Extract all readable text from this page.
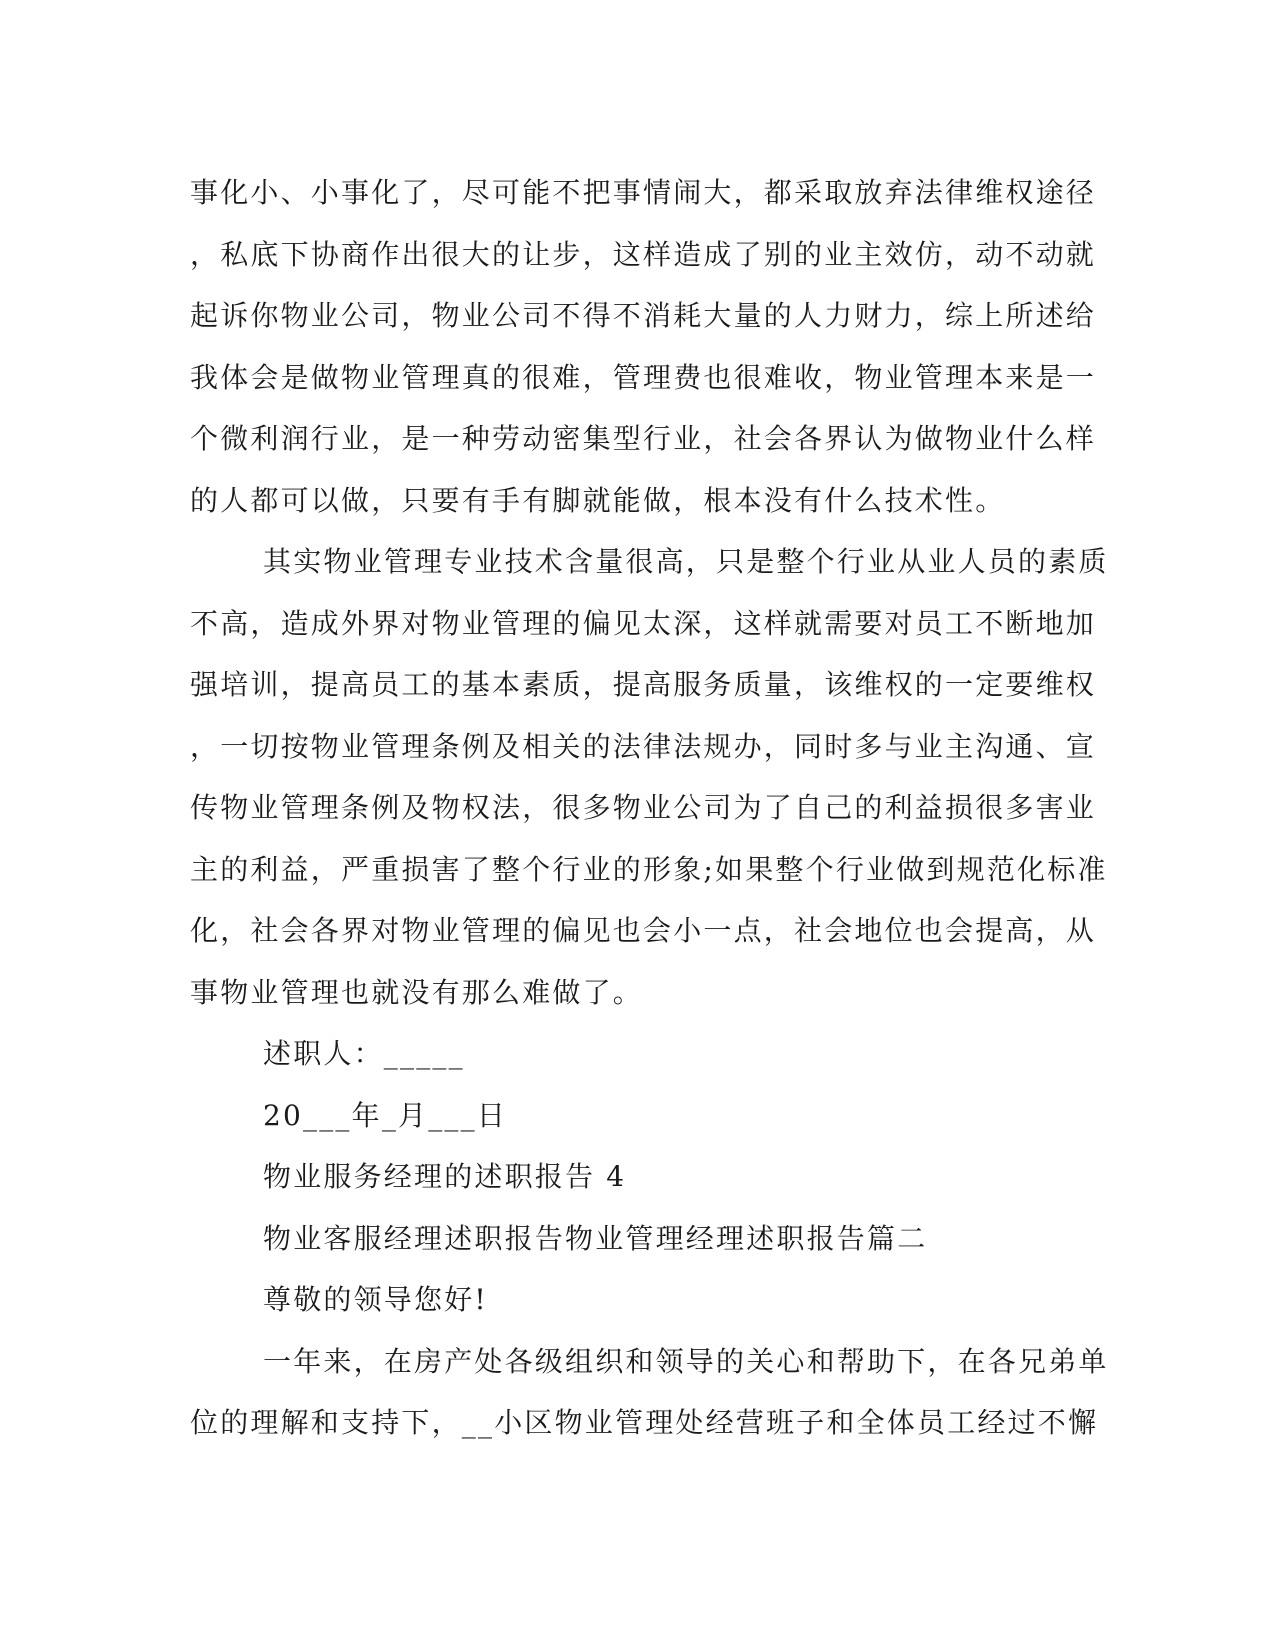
事化小、小事化了，尽可能不把事情闹大，都采取放弃法律维权途径
，私底下协商作出很大的让步，这样造成了别的业主效仿，动不动就
起诉你物业公司，物业公司不得不消耗大量的人力财力，综上所述给
我体会是做物业管理真的很难，管理费也很难收，物业管理本来是一
个微利润行业，是一种劳动密集型行业，社会各界认为做物业什么样
的人都可以做，只要有手有脚就能做，根本没有什么技术性。
其实物业管理专业技术含量很高，只是整个行业从业人员的素质
不高，造成外界对物业管理的偏见太深，这样就需要对员工不断地加
强培训，提高员工的基本素质，提高服务质量，该维权的一定要维权
，一切按物业管理条例及相关的法律法规办，同时多与业主沟通、宣
传物业管理条例及物权法，很多物业公司为了自己的利益损很多害业
主的利益，严重损害了整个行业的形象;如果整个行业做到规范化标准
化，社会各界对物业管理的偏见也会小一点，社会地位也会提高，从
事物业管理也就没有那么难做了。
述职人：_____
20___年_月___日
物业服务经理的述职报告 4
物业客服经理述职报告物业管理经理述职报告篇二
尊敬的领导您好!
一年来，在房产处各级组织和领导的关心和帮助下，在各兄弟单
位的理解和支持下，__小区物业管理处经营班子和全体员工经过不懈
